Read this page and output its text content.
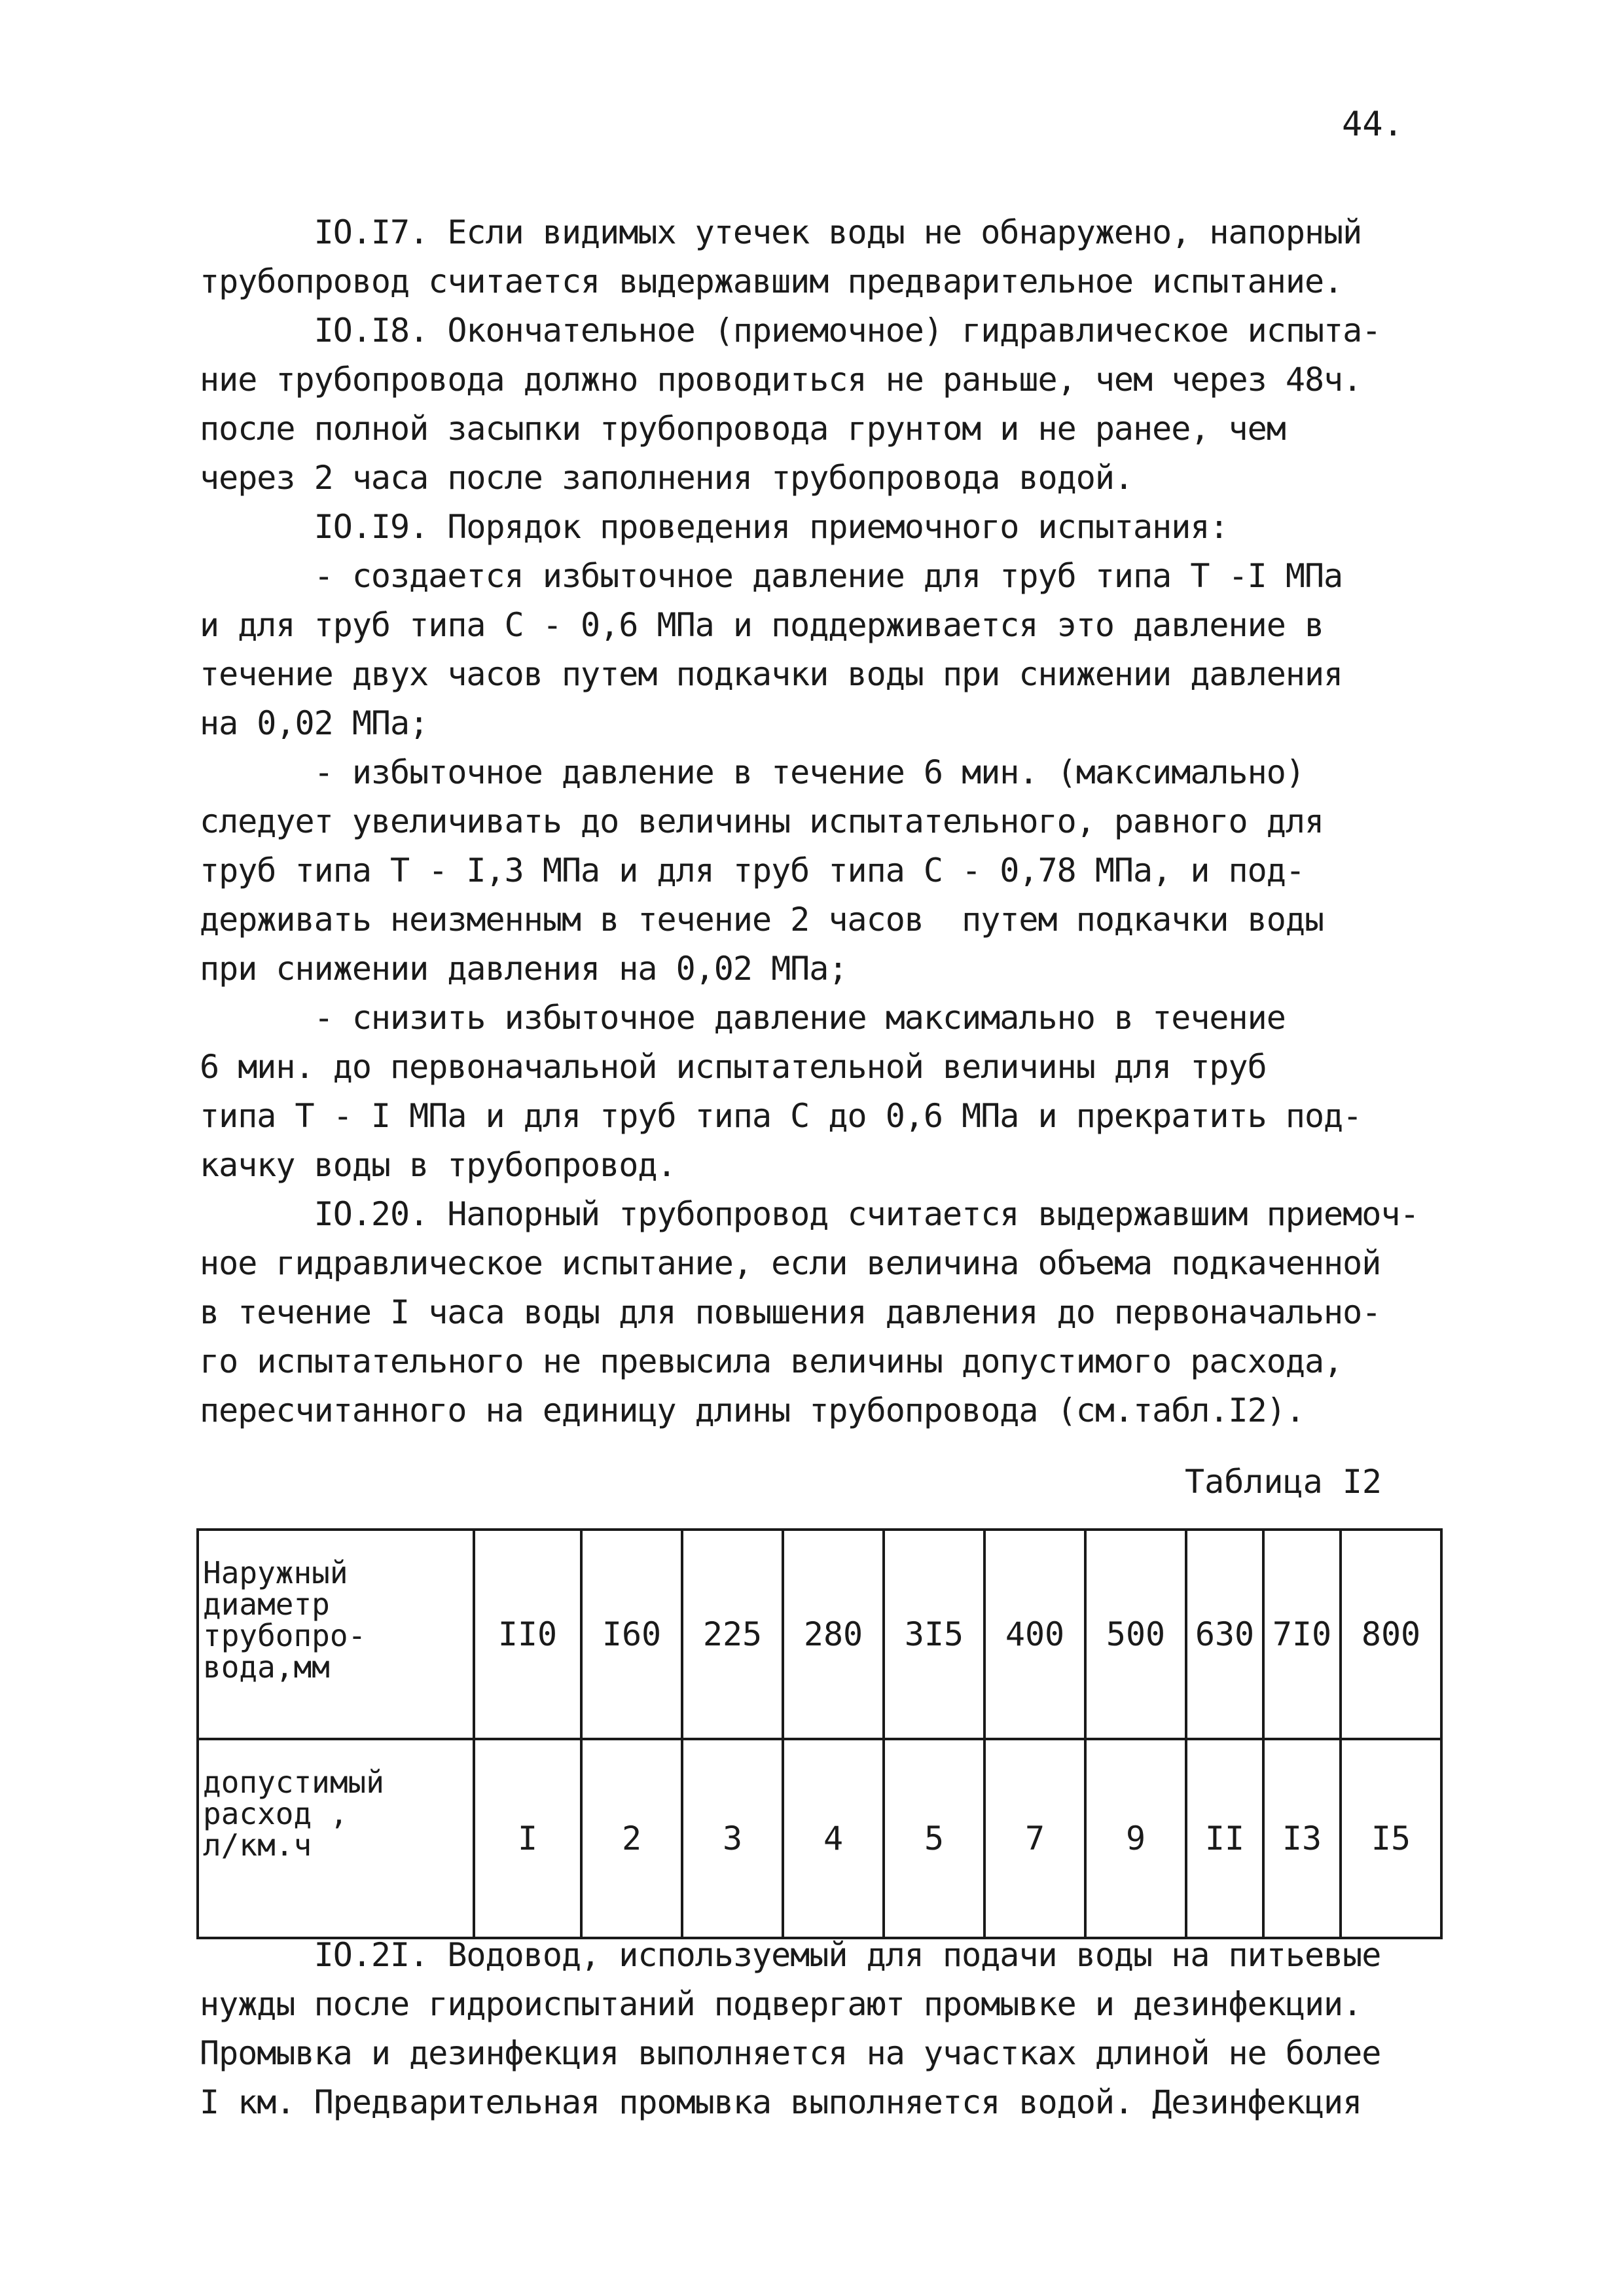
44.
IO.I7. Если видимых утечек воды не обнаружено, напорный
трубопровод считается выдержавшим предварительное испытание.
IO.I8. Окончательное (приемочное) гидравлическое испыта-
ние трубопровода должно проводиться не раньше, чем через 48ч.
после полной засыпки трубопровода грунтом и не ранее, чем
через 2 часа после заполнения трубопровода водой.
IO.I9. Порядок проведения приемочного испытания:
- создается избыточное давление для труб типа Т -I МПа
и для труб типа С - 0,6 МПа и поддерживается это давление в
течение двух часов путем подкачки воды при снижении давления
на 0,02 МПа;
- избыточное давление в течение 6 мин. (максимально)
следует увеличивать до величины испытательного, равного для
труб типа Т - I,3 МПа и для труб типа С - 0,78 МПа, и под-
держивать неизменным в течение 2 часов  путем подкачки воды
при снижении давления на 0,02 МПа;
- снизить избыточное давление максимально в течение
6 мин. до первоначальной испытательной величины для труб
типа Т - I МПа и для труб типа С до 0,6 МПа и прекратить под-
качку воды в трубопровод.
IO.20. Напорный трубопровод считается выдержавшим приемоч-
ное гидравлическое испытание, если величина объема подкаченной
в течение I часа воды для повышения давления до первоначально-
го испытательного не превысила величины допустимого расхода,
пересчитанного на единицу длины трубопровода (см.табл.I2).
Таблица I2
Наружный
диаметр
трубопро-
вода,мм	II0	I60	225	280	3I5	400	500	630	7I0	800

допустимый
расход ,
л/км.ч	I	2	3	4	5	7	9	II	I3	I5
IO.2I. Водовод, используемый для подачи воды на питьевые
нужды после гидроиспытаний подвергают промывке и дезинфекции.
Промывка и дезинфекция выполняется на участках длиной не более
I км. Предварительная промывка выполняется водой. Дезинфекция
